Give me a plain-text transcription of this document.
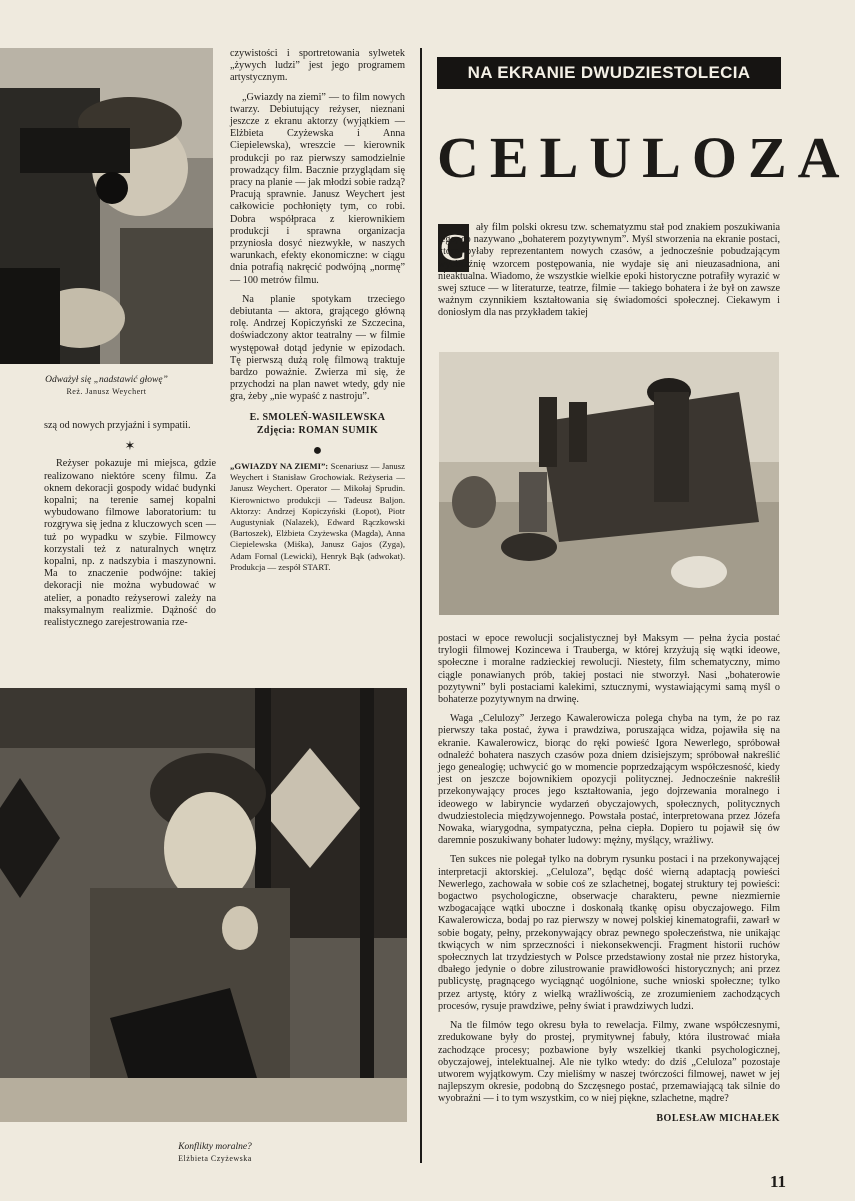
Odważył się „nadstawić głowę”
Reż. Janusz Weychert

szą od nowych przyjaźni i sympatii.

✶

Reżyser pokazuje mi miejsca, gdzie realizowano niektóre sceny filmu. Za oknem dekoracji gospody widać budynki kopalni; na terenie samej kopalni wybudowano filmowe laboratorium: tu rozgrywa się jedna z kluczowych scen — tuż po wypadku w szybie. Filmowcy korzystali też z naturalnych wnętrz kopalni, np. z nadszybia i maszynowni. Ma to znaczenie podwójne: takiej dekoracji nie można wybudować w atelier, a ponadto reżyserowi zależy na maksymalnym realizmie. Dążność do realistycznego zarejestrowania rze-

czywistości i sportretowania sylwetek „żywych ludzi” jest jego programem artystycznym.

„Gwiazdy na ziemi” — to film nowych twarzy. Debiutujący reżyser, nieznani jeszcze z ekranu aktorzy (wyjątkiem — Elżbieta Czyżewska i Anna Ciepielewska), wreszcie — kierownik produkcji po raz pierwszy samodzielnie prowadzący film. Bacznie przyglądam się pracy na planie — jak młodzi sobie radzą? Pracują sprawnie. Janusz Weychert jest całkowicie pochłonięty tym, co robi. Dobra współpraca z kierownikiem produkcji i sprawna organizacja przyniosła dosyć niezwykłe, w naszych warunkach, efekty ekonomiczne: w ciągu dnia potrafią nakręcić podwójną „normę” — 100 metrów filmu.

Na planie spotykam trzeciego debiutanta — aktora, grającego główną rolę. Andrzej Kopiczyński ze Szczecina, doświadczony aktor teatralny — w filmie występował dotąd jedynie w epizodach. Tę pierwszą dużą rolę filmową traktuje bardzo poważnie. Zwierza mi się, że przychodzi na plan nawet wtedy, gdy nie gra, żeby „nie wypaść z nastroju”.

E. SMOLEŃ-WASILEWSKA
Zdjęcia: ROMAN SUMIK
●
„GWIAZDY NA ZIEMI”: Scenariusz — Janusz Weychert i Stanisław Grochowiak. Reżyseria — Janusz Weychert. Operator — Mikołaj Sprudin. Kierownictwo produkcji — Tadeusz Baljon. Aktorzy: Andrzej Kopiczyński (Łopot), Piotr Augustyniak (Nalazek), Edward Rączkowski (Bartoszek), Elżbieta Czyżewska (Magda), Anna Ciepielewska (Miśka), Janusz Gajos (Zyga), Adam Fornal (Lewicki), Henryk Bąk (adwokat). Produkcja — zespół START.
Konflikty moralne?
Elżbieta Czyżewska
NA EKRANIE DWUDZIESTOLECIA
CELULOZA
C ały film polski okresu tzw. schematyzmu stał pod znakiem poszukiwania tego, co nazywano „bohaterem pozytywnym”. Myśl stworzenia na ekranie postaci, która byłaby reprezentantem nowych czasów, a jednocześnie pobudzającym wyobraźnię wzorcem postępowania, nie wydaje się ani nieuzasadniona, ani nieaktualna. Wiadomo, że wszystkie wielkie epoki historyczne potrafiły wyrazić w swej sztuce — w literaturze, teatrze, filmie — takiego bohatera i że był on zawsze ważnym czynnikiem kształtowania się świadomości społecznej. Ciekawym i doniosłym dla nas przykładem takiej

postaci w epoce rewolucji socjalistycznej był Maksym — pełna życia postać trylogii filmowej Kozincewa i Trauberga, w której krzyżują się wątki ideowe, społeczne i moralne radzieckiej rewolucji. Niestety, film schematyczny, mimo ciągle ponawianych prób, takiej postaci nie stworzył. Nasi „bohaterowie pozytywni” byli postaciami kalekimi, sztucznymi, wystawiającymi samą myśl o bohaterze pozytywnym na drwinę.

Waga „Celulozy” Jerzego Kawalerowicza polega chyba na tym, że po raz pierwszy taka postać, żywa i prawdziwa, poruszająca widza, pojawiła się na ekranie. Kawalerowicz, biorąc do ręki powieść Igora Newerlego, spróbował odnaleźć bohatera naszych czasów poza dniem dzisiejszym; spróbował nakreślić jego genealogię; uchwycić go w momencie poprzedzającym współczesność, kiedy jest on jeszcze bojownikiem opozycji politycznej. Jednocześnie nakreślił przekonywający proces jego kształtowania, jego dojrzewania moralnego i ideowego w labiryncie wydarzeń obyczajowych, społecznych, politycznych dwudziestolecia międzywojennego. Powstała postać, interpretowana przez Józefa Nowaka, wiarygodna, sympatyczna, pełna ciepła. Dopiero tu pojawił się ów daremnie poszukiwany bohater ludowy: mężny, myślący, wrażliwy.

Ten sukces nie polegał tylko na dobrym rysunku postaci i na przekonywającej interpretacji aktorskiej. „Celuloza”, będąc dość wierną adaptacją powieści Newerlego, zachowała w sobie coś ze szlachetnej, bogatej struktury tej powieści: bogactwo psychologiczne, obserwacje charakteru, pewne niezmiernie wzbogacające wątki uboczne i doskonałą tkankę opisu obyczajowego. Film Kawalerowicza, bodaj po raz pierwszy w nowej polskiej kinematografii, zawarł w sobie bogaty, pełny, przekonywający obraz pewnego społeczeństwa, nie unikając tkwiących w nim sprzeczności i niekonsekwencji. Fragment historii ruchów społecznych lat trzydziestych w Polsce przedstawiony został nie przez historyka, dbałego jedynie o dobre zilustrowanie prawidłowości historycznych; ani przez publicystę, pragnącego wyciągnąć uogólnione, suche wnioski społeczne; tylko przez artystę, który z wielką wrażliwością, ze zrozumieniem zachodzących procesów, rysuje prawdziwe, pełny świat i prawdziwych ludzi.

Na tle filmów tego okresu była to rewelacja. Filmy, zwane współczesnymi, zredukowane były do prostej, prymitywnej fabuły, która ilustrować miała zachodzące procesy; pozbawione były wszelkiej tkanki psychologicznej, obyczajowej, intelektualnej. Ale nie tylko wtedy: do dziś „Celuloza” pozostaje utworem wyjątkowym. Czy mieliśmy w naszej twórczości filmowej, nawet w jej najlepszym okresie, podobną do Szczęsnego postać, przemawiającą tak silnie do wyobraźni — i to tym wszystkim, co w niej piękne, szlachetne, mądre?

BOLESŁAW MICHAŁEK
11
